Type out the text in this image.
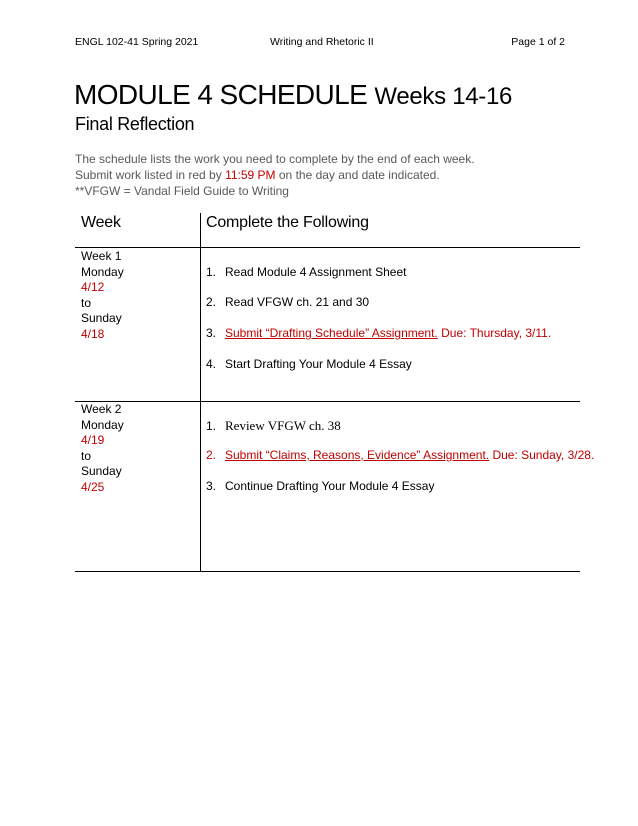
ENGL 102-41 Spring 2021	Writing and Rhetoric II	Page 1 of 2
MODULE 4 SCHEDULE Weeks 14-16
Final Reflection
The schedule lists the work you need to complete by the end of each week.
Submit work listed in red by 11:59 PM on the day and date indicated.
**VFGW = Vandal Field Guide to Writing
Week	Complete the Following
Week 1
Monday
4/12
to
Sunday
4/18
1. Read Module 4 Assignment Sheet
2. Read VFGW ch. 21 and 30
3. Submit “Drafting Schedule” Assignment. Due: Thursday, 3/11.
4. Start Drafting Your Module 4 Essay
Week 2
Monday
4/19
to
Sunday
4/25
1. Review VFGW ch. 38
2. Submit “Claims, Reasons, Evidence” Assignment. Due: Sunday, 3/28.
3. Continue Drafting Your Module 4 Essay
